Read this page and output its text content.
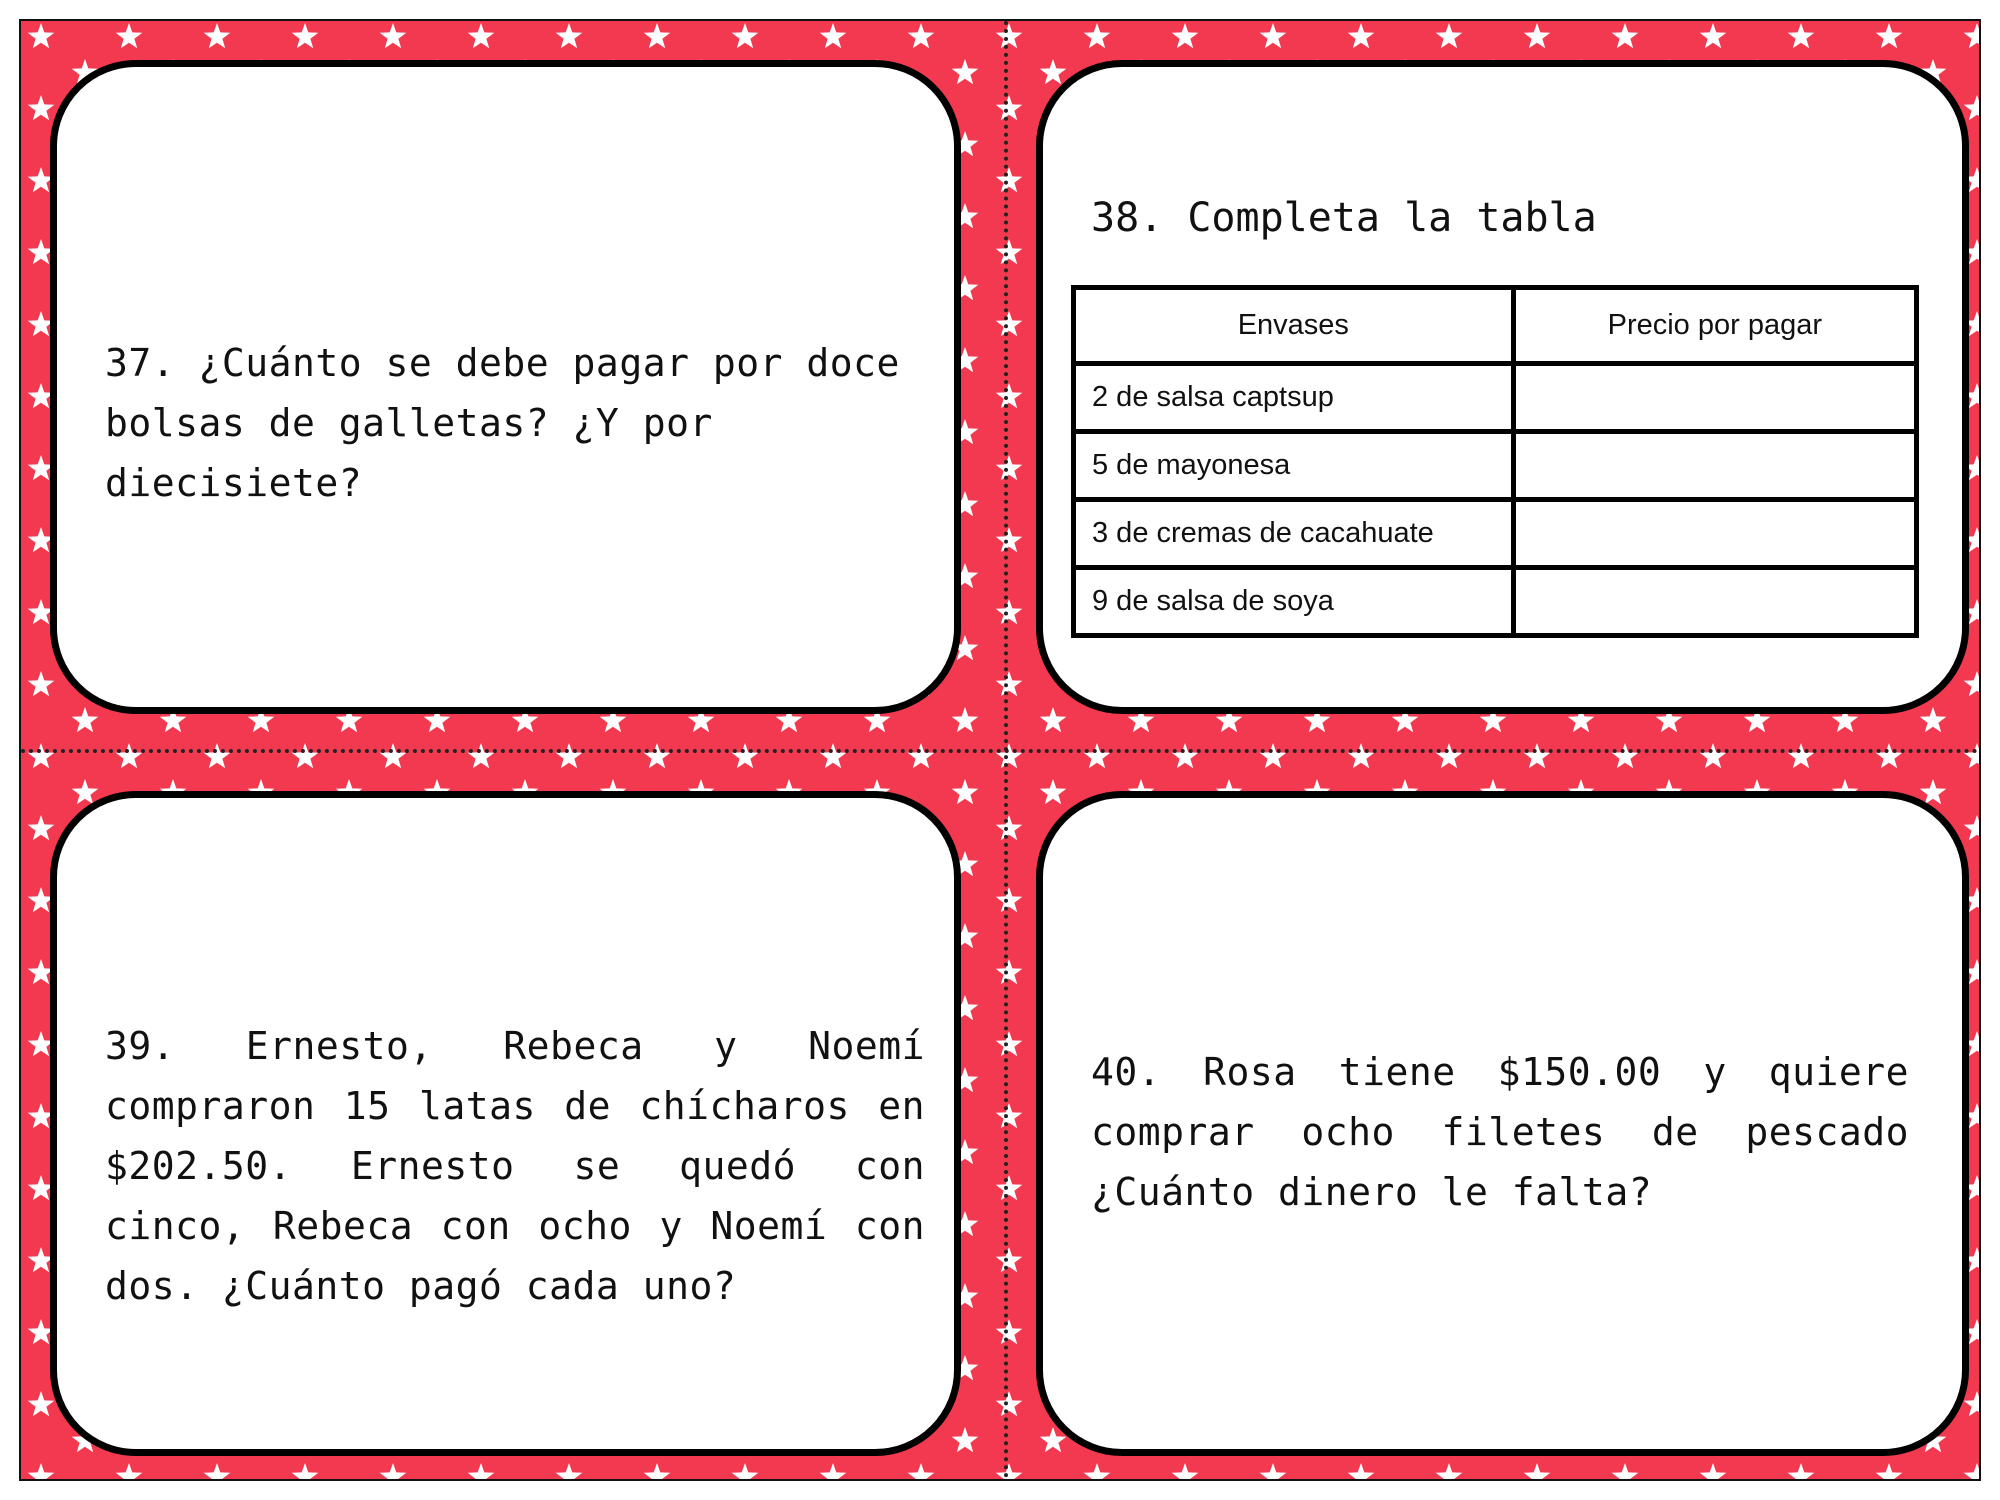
37. ¿Cuánto se debe pagar por doce bolsas de galletas? ¿Y por diecisiete?
38. Completa la tabla
Envases	Precio por pagar
2 de salsa captsup	
5 de mayonesa	
3 de cremas de cacahuate	
9 de salsa de soya	
39. Ernesto, Rebeca y Noemí compraron 15 latas de chícharos en $202.50. Ernesto se quedó con cinco, Rebeca con ocho y Noemí con dos. ¿Cuánto pagó cada uno?
40. Rosa tiene $150.00 y quiere comprar ocho filetes de pescado ¿Cuánto dinero le falta?
